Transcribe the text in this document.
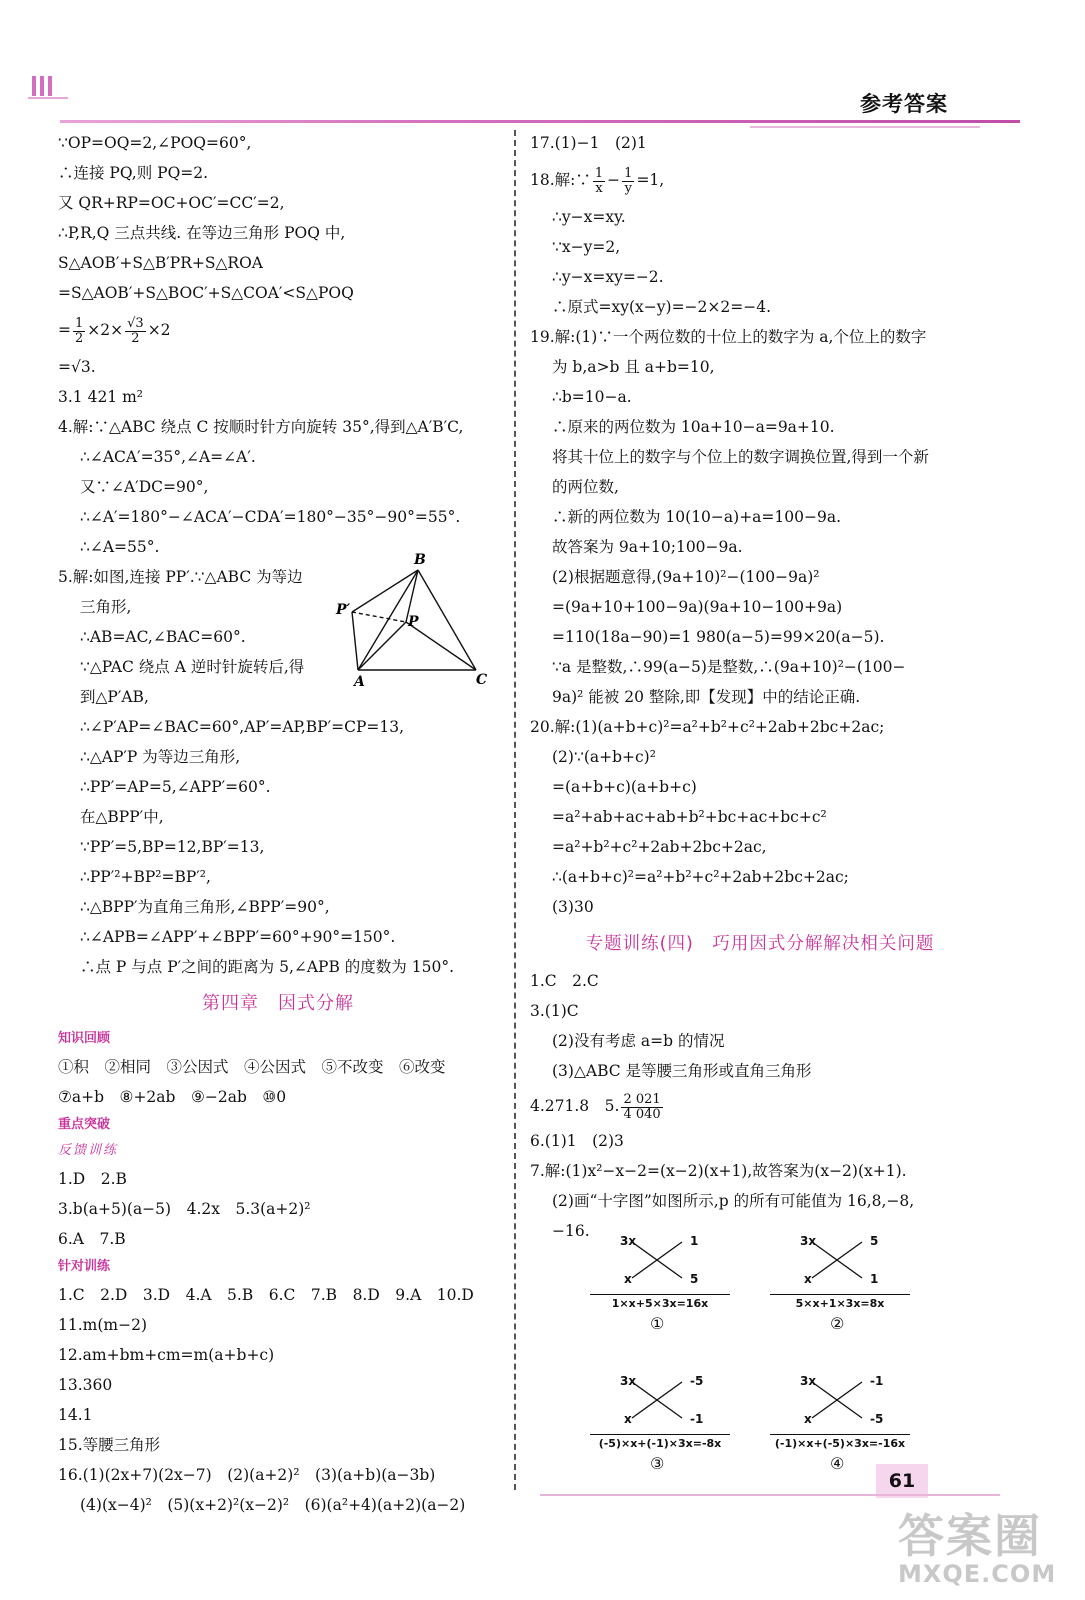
参考答案
∵OP=OQ=2,∠POQ=60°,
∴连接 PQ,则 PQ=2.
又 QR+RP=OC+OC′=CC′=2,
∴P,R,Q 三点共线. 在等边三角形 POQ 中,
S△AOB′+S△B′PR+S△ROA
=S△AOB′+S△BOC′+S△COA′<S△POQ
= $\frac{1}{2} \times 2\times \frac{√3}{2} \times 2$
=√3.
3.1 421 m²
4.解:∵△ABC 绕点 C 按顺时针方向旋转 35°,得到△A′B′C,
∴∠ACA′=35°,∠A=∠A′.
又∵∠A′DC=90°,
∴∠A′=180°−∠ACA′−CDA′=180°−35°−90°=55°.
∴∠A=55°.
5.解:如图,连接 PP′.∵△ABC 为等边
三角形,
∴AB=AC,∠BAC=60°.
∵△PAC 绕点 A 逆时针旋转后,得
到△P′AB,
∴∠P′AP=∠BAC=60°,AP′=AP,BP′=CP=13,
∴△AP′P 为等边三角形,
∴PP′=AP=5,∠APP′=60°.
在△BPP′中,
∵PP′=5,BP=12,BP′=13,
∴PP′²+BP²=BP′²,
∴△BPP′为直角三角形,∠BPP′=90°,
∴∠APB=∠APP′+∠BPP′=60°+90°=150°.
∴点 P 与点 P′之间的距离为 5,∠APB 的度数为 150°.
第四章　因式分解
知识回顾
①积　②相同　③公因式　④公因式　⑤不改变　⑥改变
⑦a+b　⑧+2ab　⑨−2ab　⑩0
重点突破
反馈训练
1.D　2.B
3.b(a+5)(a−5)　4.2x　5.3(a+2)²
6.A　7.B
针对训练
1.C　2.D　3.D　4.A　5.B　6.C　7.B　8.D　9.A　10.D
11.m(m−2)
12.am+bm+cm=m(a+b+c)
13.360
14.1
15.等腰三角形
16.(1)(2x+7)(2x−7)　(2)(a+2)²　(3)(a+b)(a−3b)
(4)(x−4)²　(5)(x+2)²(x−2)²　(6)(a²+4)(a+2)(a−2)
B
P′
P
A	C
17.(1)−1　(2)1
18.解:∵ $\frac{1}{x} - \frac{1}{y} =1$,
∴y−x=xy.
∵x−y=2,
∴y−x=xy=−2.
∴原式=xy(x−y)=−2×2=−4.
19.解:(1)∵一个两位数的十位上的数字为 a,个位上的数字
为 b,a>b 且 a+b=10,
∴b=10−a.
∴原来的两位数为 10a+10−a=9a+10.
将其十位上的数字与个位上的数字调换位置,得到一个新
的两位数,
∴新的两位数为 10(10−a)+a=100−9a.
故答案为 9a+10;100−9a.
(2)根据题意得,(9a+10)²−(100−9a)²
=(9a+10+100−9a)(9a+10−100+9a)
=110(18a−90)=1 980(a−5)=99×20(a−5).
∵a 是整数,∴99(a−5)是整数,∴(9a+10)²−(100−
9a)² 能被 20 整除,即【发现】中的结论正确.
20.解:(1)(a+b+c)²=a²+b²+c²+2ab+2bc+2ac;
(2)∵(a+b+c)²
=(a+b+c)(a+b+c)
=a²+ab+ac+ab+b²+bc+ac+bc+c²
=a²+b²+c²+2ab+2bc+2ac,
∴(a+b+c)²=a²+b²+c²+2ab+2bc+2ac;
(3)30
专题训练(四)　巧用因式分解解决相关问题
1.C　2.C
3.(1)C
(2)没有考虑 a=b 的情况
(3)△ABC 是等腰三角形或直角三角形
4.271.8　5. $\frac{2 021}{4 040}$
6.(1)1　(2)3
7.解:(1)x²−x−2=(x−2)(x+1),故答案为(x−2)(x+1).
(2)画“十字图”如图所示,p 的所有可能值为 16,8,−8,
−16.
3x	1
x	5
1×x+5×3x=16x
①
3x	5
x	1
5×x+1×3x=8x
②
3x	-5
x	-1
(-5)×x+(-1)×3x=-8x
③
3x	-1
x	-5
(-1)×x+(-5)×3x=-16x
④
61
答案圈
MXQE.COM
